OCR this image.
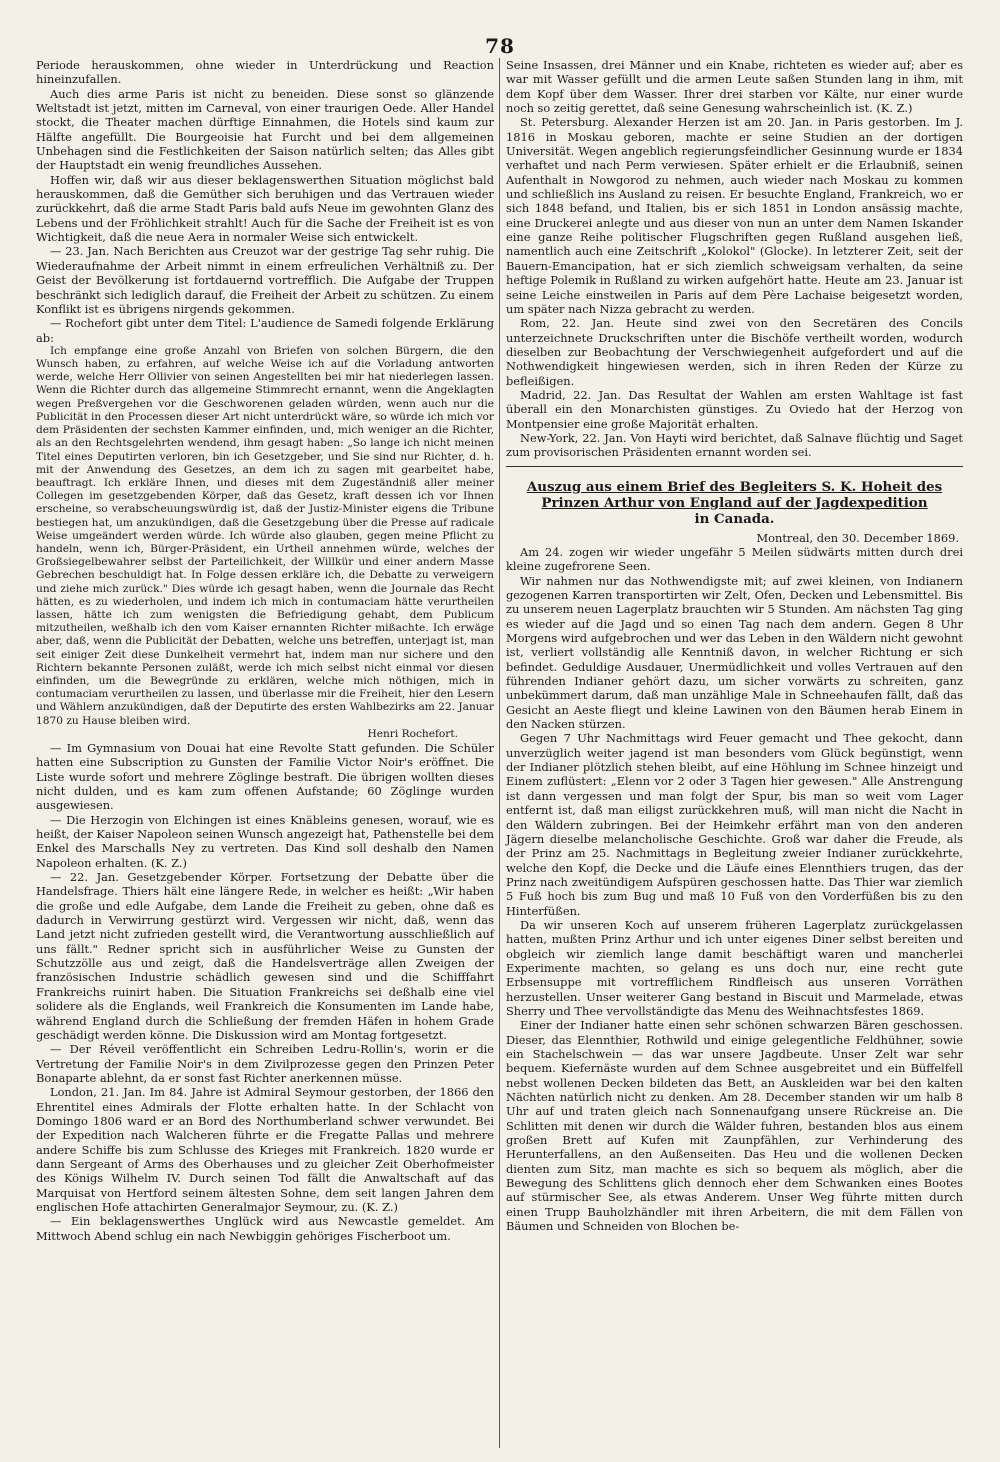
78

Periode herauskommen, ohne wieder in Unterdrückung und Reaction hineinzufallen.

Auch dies arme Paris ist nicht zu beneiden. Diese sonst so glänzende Weltstadt ist jetzt, mitten im Carneval, von einer traurigen Oede. Aller Handel stockt, die Theater machen dürftige Einnahmen, die Hotels sind kaum zur Hälfte angefüllt. Die Bourgeoisie hat Furcht und bei dem allgemeinen Unbehagen sind die Festlichkeiten der Saison natürlich selten; das Alles gibt der Hauptstadt ein wenig freundliches Aussehen.

Hoffen wir, daß wir aus dieser beklagenswerthen Situation möglichst bald herauskommen, daß die Gemüther sich beruhigen und das Vertrauen wieder zurückkehrt, daß die arme Stadt Paris bald aufs Neue im gewohnten Glanz des Lebens und der Fröhlichkeit strahlt! Auch für die Sache der Freiheit ist es von Wichtigkeit, daß die neue Aera in normaler Weise sich entwickelt.

— 23. Jan. Nach Berichten aus Creuzot war der gestrige Tag sehr ruhig. Die Wiederaufnahme der Arbeit nimmt in einem erfreulichen Verhältniß zu. Der Geist der Bevölkerung ist fortdauernd vortrefflich. Die Aufgabe der Truppen beschränkt sich lediglich darauf, die Freiheit der Arbeit zu schützen. Zu einem Konflikt ist es übrigens nirgends gekommen.

— Rochefort gibt unter dem Titel: L'audience de Samedi folgende Erklärung ab:

Ich empfange eine große Anzahl von Briefen von solchen Bürgern, die den Wunsch haben, zu erfahren, auf welche Weise ich auf die Vorladung antworten werde, welche Herr Ollivier von seinen Angestellten bei mir hat niederlegen lassen. Wenn die Richter durch das allgemeine Stimmrecht ernannt, wenn die Angeklagten wegen Preßvergehen vor die Geschworenen geladen würden, wenn auch nur die Publicität in den Processen dieser Art nicht unterdrückt wäre, so würde ich mich vor dem Präsidenten der sechsten Kammer einfinden, und, mich weniger an die Richter, als an den Rechtsgelehrten wendend, ihm gesagt haben: „So lange ich nicht meinen Titel eines Deputirten verloren, bin ich Gesetzgeber, und Sie sind nur Richter, d. h. mit der Anwendung des Gesetzes, an dem ich zu sagen mit gearbeitet habe, beauftragt. Ich erkläre Ihnen, und dieses mit dem Zugeständniß aller meiner Collegen im gesetzgebenden Körper, daß das Gesetz, kraft dessen ich vor Ihnen erscheine, so verabscheuungswürdig ist, daß der Justiz-Minister eigens die Tribune bestiegen hat, um anzukündigen, daß die Gesetzgebung über die Presse auf radicale Weise umgeändert werden würde. Ich würde also glauben, gegen meine Pflicht zu handeln, wenn ich, Bürger-Präsident, ein Urtheil annehmen würde, welches der Großsiegelbewahrer selbst der Parteilichkeit, der Willkür und einer andern Masse Gebrechen beschuldigt hat. In Folge dessen erkläre ich, die Debatte zu verweigern und ziehe mich zurück." Dies würde ich gesagt haben, wenn die Journale das Recht hätten, es zu wiederholen, und indem ich mich in contumaciam hätte verurtheilen lassen, hätte ich zum wenigsten die Befriedigung gehabt, dem Publicum mitzutheilen, weßhalb ich den vom Kaiser ernannten Richter mißachte. Ich erwäge aber, daß, wenn die Publicität der Debatten, welche uns betreffen, unterjagt ist, man seit einiger Zeit diese Dunkelheit vermehrt hat, indem man nur sichere und den Richtern bekannte Personen zuläßt, werde ich mich selbst nicht einmal vor diesen einfinden, um die Bewegründe zu erklären, welche mich nöthigen, mich in contumaciam verurtheilen zu lassen, und überlasse mir die Freiheit, hier den Lesern und Wählern anzukündigen, daß der Deputirte des ersten Wahlbezirks am 22. Januar 1870 zu Hause bleiben wird.

Henri Rochefort.

— Im Gymnasium von Douai hat eine Revolte Statt gefunden. Die Schüler hatten eine Subscription zu Gunsten der Familie Victor Noir's eröffnet. Die Liste wurde sofort und mehrere Zöglinge bestraft. Die übrigen wollten dieses nicht dulden, und es kam zum offenen Aufstande; 60 Zöglinge wurden ausgewiesen.

— Die Herzogin von Elchingen ist eines Knäbleins genesen, worauf, wie es heißt, der Kaiser Napoleon seinen Wunsch angezeigt hat, Pathenstelle bei dem Enkel des Marschalls Ney zu vertreten. Das Kind soll deshalb den Namen Napoleon erhalten. (K. Z.)

— 22. Jan. Gesetzgebender Körper. Fortsetzung der Debatte über die Handelsfrage. Thiers hält eine längere Rede, in welcher es heißt: „Wir haben die große und edle Aufgabe, dem Lande die Freiheit zu geben, ohne daß es dadurch in Verwirrung gestürzt wird. Vergessen wir nicht, daß, wenn das Land jetzt nicht zufrieden gestellt wird, die Verantwortung ausschließlich auf uns fällt." Redner spricht sich in ausführlicher Weise zu Gunsten der Schutzzölle aus und zeigt, daß die Handelsverträge allen Zweigen der französischen Industrie schädlich gewesen sind und die Schifffahrt Frankreichs ruinirt haben. Die Situation Frankreichs sei deßhalb eine viel solidere als die Englands, weil Frankreich die Konsumenten im Lande habe, während England durch die Schließung der fremden Häfen in hohem Grade geschädigt werden könne. Die Diskussion wird am Montag fortgesetzt.

— Der Réveil veröffentlicht ein Schreiben Ledru-Rollin's, worin er die Vertretung der Familie Noir's in dem Zivilprozesse gegen den Prinzen Peter Bonaparte ablehnt, da er sonst fast Richter anerkennen müsse.

London, 21. Jan. Im 84. Jahre ist Admiral Seymour gestorben, der 1866 den Ehrentitel eines Admirals der Flotte erhalten hatte. In der Schlacht von Domingo 1806 ward er an Bord des Northumberland schwer verwundet. Bei der Expedition nach Walcheren führte er die Fregatte Pallas und mehrere andere Schiffe bis zum Schlusse des Krieges mit Frankreich. 1820 wurde er dann Sergeant of Arms des Oberhauses und zu gleicher Zeit Oberhofmeister des Königs Wilhelm IV. Durch seinen Tod fällt die Anwaltschaft auf das Marquisat von Hertford seinem ältesten Sohne, dem seit langen Jahren dem englischen Hofe attachirten Generalmajor Seymour, zu. (K. Z.)

— Ein beklagenswerthes Unglück wird aus Newcastle gemeldet. Am Mittwoch Abend schlug ein nach Newbiggin gehöriges Fischerboot um.

Seine Insassen, drei Männer und ein Knabe, richteten es wieder auf; aber es war mit Wasser gefüllt und die armen Leute saßen Stunden lang in ihm, mit dem Kopf über dem Wasser. Ihrer drei starben vor Kälte, nur einer wurde noch so zeitig gerettet, daß seine Genesung wahrscheinlich ist. (K. Z.)

St. Petersburg. Alexander Herzen ist am 20. Jan. in Paris gestorben. Im J. 1816 in Moskau geboren, machte er seine Studien an der dortigen Universität. Wegen angeblich regierungsfeindlicher Gesinnung wurde er 1834 verhaftet und nach Perm verwiesen. Später erhielt er die Erlaubniß, seinen Aufenthalt in Nowgorod zu nehmen, auch wieder nach Moskau zu kommen und schließlich ins Ausland zu reisen. Er besuchte England, Frankreich, wo er sich 1848 befand, und Italien, bis er sich 1851 in London ansässig machte, eine Druckerei anlegte und aus dieser von nun an unter dem Namen Iskander eine ganze Reihe politischer Flugschriften gegen Rußland ausgehen ließ, namentlich auch eine Zeitschrift „Kolokol" (Glocke). In letzterer Zeit, seit der Bauern-Emancipation, hat er sich ziemlich schweigsam verhalten, da seine heftige Polemik in Rußland zu wirken aufgehört hatte. Heute am 23. Januar ist seine Leiche einstweilen in Paris auf dem Père Lachaise beigesetzt worden, um später nach Nizza gebracht zu werden.

Rom, 22. Jan. Heute sind zwei von den Secretären des Concils unterzeichnete Druckschriften unter die Bischöfe vertheilt worden, wodurch dieselben zur Beobachtung der Verschwiegenheit aufgefordert und auf die Nothwendigkeit hingewiesen werden, sich in ihren Reden der Kürze zu befleißigen.

Madrid, 22. Jan. Das Resultat der Wahlen am ersten Wahltage ist fast überall ein den Monarchisten günstiges. Zu Oviedo hat der Herzog von Montpensier eine große Majorität erhalten.

New-York, 22. Jan. Von Hayti wird berichtet, daß Salnave flüchtig und Saget zum provisorischen Präsidenten ernannt worden sei.

Auszug aus einem Brief des Begleiters S. K. Hoheit des
Prinzen Arthur von England auf der Jagdexpedition
in Canada.

Montreal, den 30. December 1869.

Am 24. zogen wir wieder ungefähr 5 Meilen südwärts mitten durch drei kleine zugefrorene Seen.

Wir nahmen nur das Nothwendigste mit; auf zwei kleinen, von Indianern gezogenen Karren transportirten wir Zelt, Ofen, Decken und Lebensmittel. Bis zu unserem neuen Lagerplatz brauchten wir 5 Stunden. Am nächsten Tag ging es wieder auf die Jagd und so einen Tag nach dem andern. Gegen 8 Uhr Morgens wird aufgebrochen und wer das Leben in den Wäldern nicht gewohnt ist, verliert vollständig alle Kenntniß davon, in welcher Richtung er sich befindet. Geduldige Ausdauer, Unermüdlichkeit und volles Vertrauen auf den führenden Indianer gehört dazu, um sicher vorwärts zu schreiten, ganz unbekümmert darum, daß man unzählige Male in Schneehaufen fällt, daß das Gesicht an Aeste fliegt und kleine Lawinen von den Bäumen herab Einem in den Nacken stürzen.

Gegen 7 Uhr Nachmittags wird Feuer gemacht und Thee gekocht, dann unverzüglich weiter jagend ist man besonders vom Glück begünstigt, wenn der Indianer plötzlich stehen bleibt, auf eine Höhlung im Schnee hinzeigt und Einem zuflüstert: „Elenn vor 2 oder 3 Tagen hier gewesen." Alle Anstrengung ist dann vergessen und man folgt der Spur, bis man so weit vom Lager entfernt ist, daß man eiligst zurückkehren muß, will man nicht die Nacht in den Wäldern zubringen. Bei der Heimkehr erfährt man von den anderen Jägern dieselbe melancholische Geschichte. Groß war daher die Freude, als der Prinz am 25. Nachmittags in Begleitung zweier Indianer zurückkehrte, welche den Kopf, die Decke und die Läufe eines Elennthiers trugen, das der Prinz nach zweitündigem Aufspüren geschossen hatte. Das Thier war ziemlich 5 Fuß hoch bis zum Bug und maß 10 Fuß von den Vorderfüßen bis zu den Hinterfüßen.

Da wir unseren Koch auf unserem früheren Lagerplatz zurückgelassen hatten, mußten Prinz Arthur und ich unter eigenes Diner selbst bereiten und obgleich wir ziemlich lange damit beschäftigt waren und mancherlei Experimente machten, so gelang es uns doch nur, eine recht gute Erbsensuppe mit vortrefflichem Rindfleisch aus unseren Vorräthen herzustellen. Unser weiterer Gang bestand in Biscuit und Marmelade, etwas Sherry und Thee vervollständigte das Menu des Weihnachtsfestes 1869.

Einer der Indianer hatte einen sehr schönen schwarzen Bären geschossen. Dieser, das Elennthier, Rothwild und einige gelegentliche Feldhühner, sowie ein Stachelschwein — das war unsere Jagdbeute. Unser Zelt war sehr bequem. Kiefernäste wurden auf dem Schnee ausgebreitet und ein Büffelfell nebst wollenen Decken bildeten das Bett, an Auskleiden war bei den kalten Nächten natürlich nicht zu denken. Am 28. December standen wir um halb 8 Uhr auf und traten gleich nach Sonnenaufgang unsere Rückreise an. Die Schlitten mit denen wir durch die Wälder fuhren, bestanden blos aus einem großen Brett auf Kufen mit Zaunpfählen, zur Verhinderung des Herunterfallens, an den Außenseiten. Das Heu und die wollenen Decken dienten zum Sitz, man machte es sich so bequem als möglich, aber die Bewegung des Schlittens glich dennoch eher dem Schwanken eines Bootes auf stürmischer See, als etwas Anderem. Unser Weg führte mitten durch einen Trupp Bauholzhändler mit ihren Arbeitern, die mit dem Fällen von Bäumen und Schneiden von Blochen be-
